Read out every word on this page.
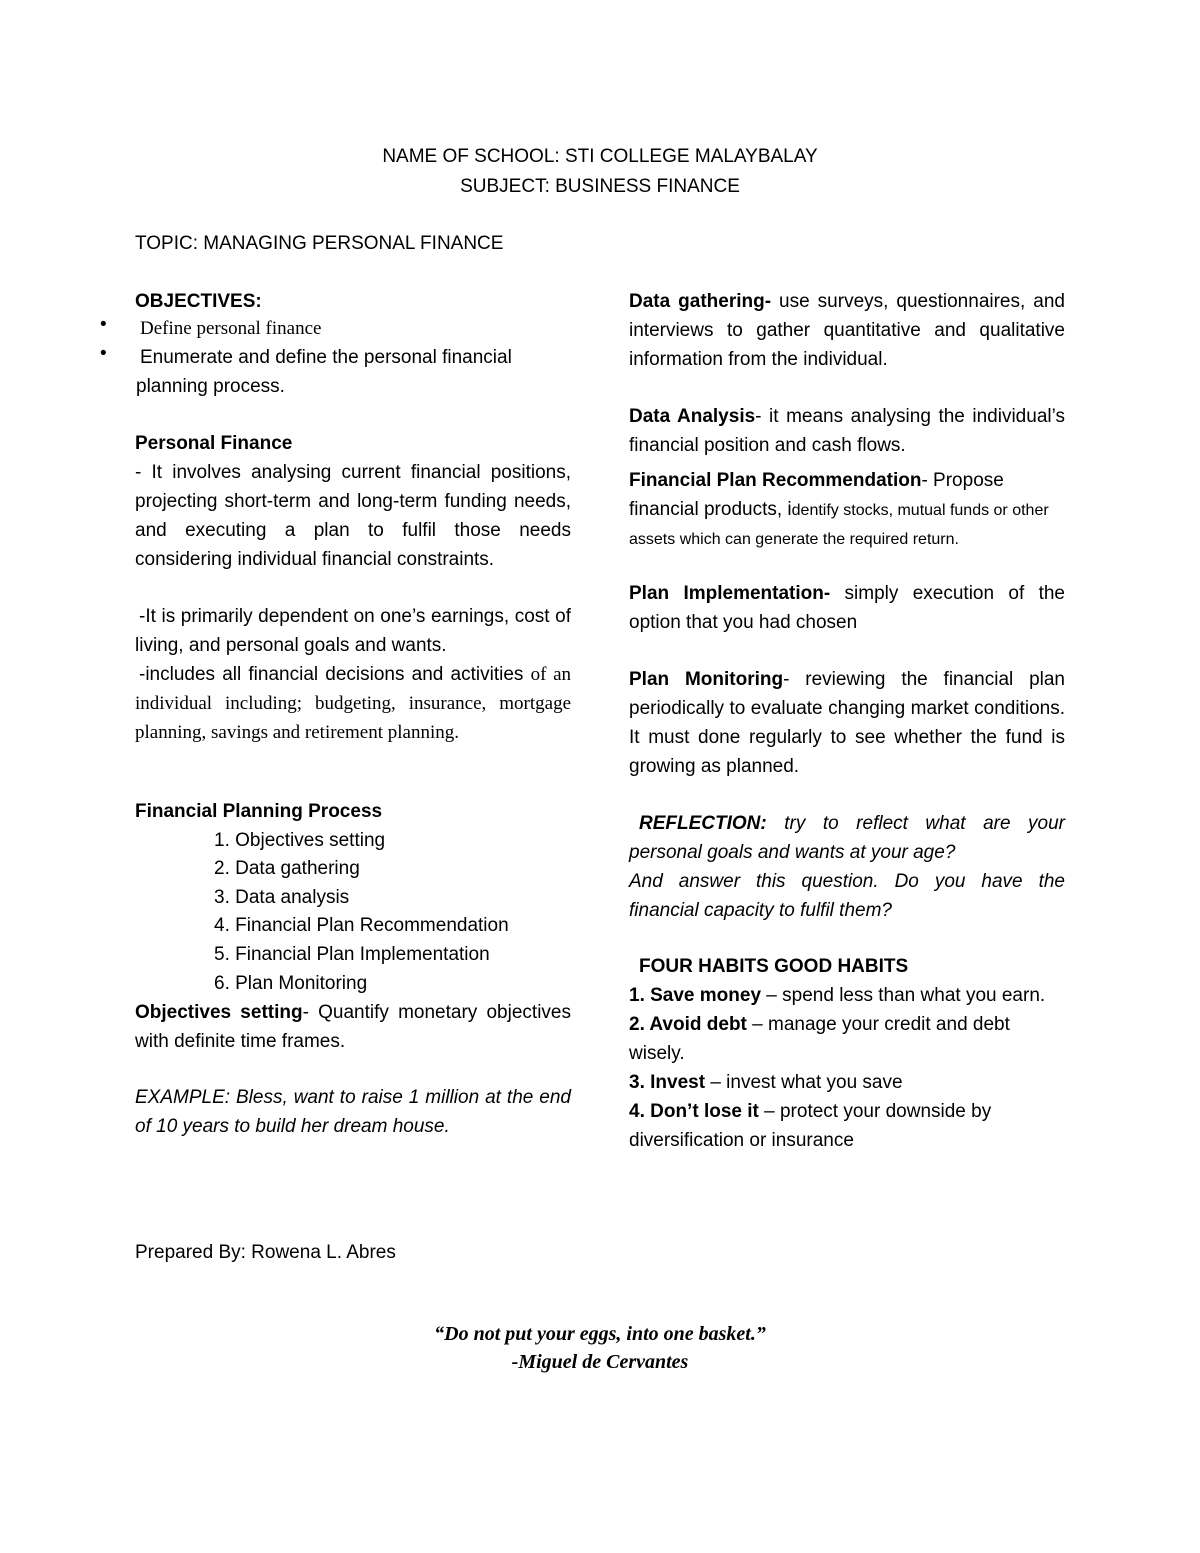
NAME OF SCHOOL: STI COLLEGE MALAYBALAY
SUBJECT: BUSINESS FINANCE
TOPIC: MANAGING PERSONAL FINANCE
OBJECTIVES:
• Define personal finance
• Enumerate and define the personal financial planning process.
Personal Finance
- It involves analysing current financial positions, projecting short-term and long-term funding needs, and executing a plan to fulfil those needs considering individual financial constraints.
-It is primarily dependent on one’s earnings, cost of living, and personal goals and wants.
-includes all financial decisions and activities of an individual including; budgeting, insurance, mortgage planning, savings and retirement planning.
Financial Planning Process
1. Objectives setting
2. Data gathering
3. Data analysis
4. Financial Plan Recommendation
5. Financial Plan Implementation
6. Plan Monitoring
Objectives setting- Quantify monetary objectives with definite time frames.
EXAMPLE: Bless, want to raise 1 million at the end of 10 years to build her dream house.
Data gathering- use surveys, questionnaires, and interviews to gather quantitative and qualitative information from the individual.
Data Analysis- it means analysing the individual’s financial position and cash flows.
Financial Plan Recommendation- Propose financial products, identify stocks, mutual funds or other assets which can generate the required return.
Plan Implementation- simply execution of the option that you had chosen
Plan Monitoring- reviewing the financial plan periodically to evaluate changing market conditions. It must done regularly to see whether the fund is growing as planned.
REFLECTION: try to reflect what are your personal goals and wants at your age?
And answer this question. Do you have the financial capacity to fulfil them?
FOUR HABITS GOOD HABITS
1. Save money – spend less than what you earn.
2. Avoid debt – manage your credit and debt wisely.
3. Invest – invest what you save
4. Don’t lose it – protect your downside by diversification or insurance
Prepared By: Rowena L. Abres
“Do not put your eggs, into one basket.”
-Miguel de Cervantes
